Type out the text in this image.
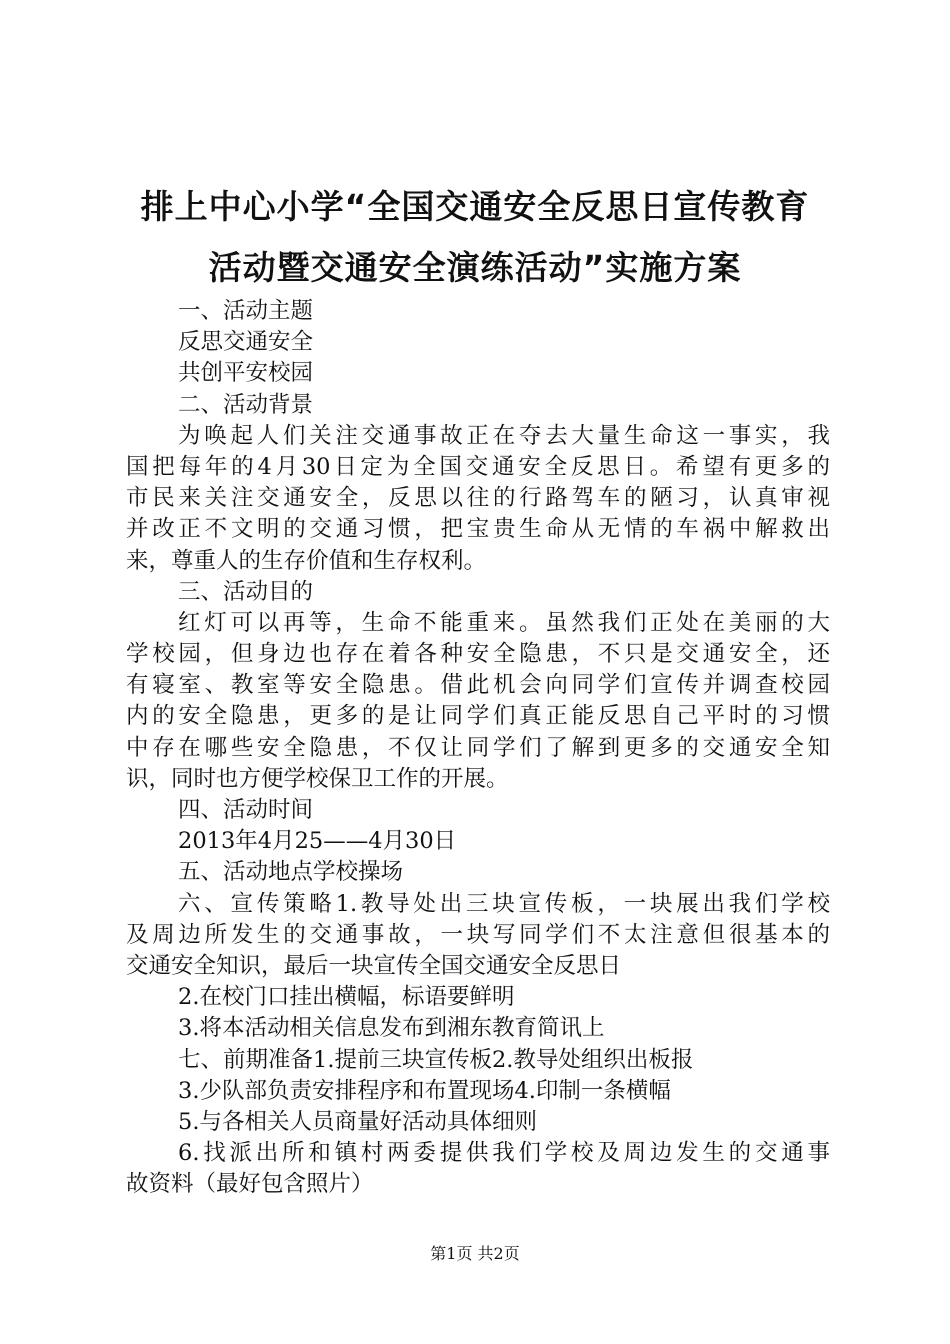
排上中心小学“全国交通安全反思日宣传教育
活动暨交通安全演练活动”实施方案
一、活动主题
反思交通安全
共创平安校园
二、活动背景
为唤起人们关注交通事故正在夺去大量生命这一事实，我
国把每年的4月30日定为全国交通安全反思日。希望有更多的
市民来关注交通安全，反思以往的行路驾车的陋习，认真审视
并改正不文明的交通习惯，把宝贵生命从无情的车祸中解救出
来，尊重人的生存价值和生存权利。
三、活动目的
红灯可以再等，生命不能重来。虽然我们正处在美丽的大
学校园，但身边也存在着各种安全隐患，不只是交通安全，还
有寝室、教室等安全隐患。借此机会向同学们宣传并调查校园
内的安全隐患，更多的是让同学们真正能反思自己平时的习惯
中存在哪些安全隐患，不仅让同学们了解到更多的交通安全知
识，同时也方便学校保卫工作的开展。
四、活动时间
2013年4月25——4月30日
五、活动地点学校操场
六、宣传策略1.教导处出三块宣传板，一块展出我们学校
及周边所发生的交通事故，一块写同学们不太注意但很基本的
交通安全知识，最后一块宣传全国交通安全反思日
2.在校门口挂出横幅，标语要鲜明
3.将本活动相关信息发布到湘东教育简讯上
七、前期准备1.提前三块宣传板2.教导处组织出板报
3.少队部负责安排程序和布置现场4.印制一条横幅
5.与各相关人员商量好活动具体细则
6.找派出所和镇村两委提供我们学校及周边发生的交通事
故资料（最好包含照片）
第1页 共2页
